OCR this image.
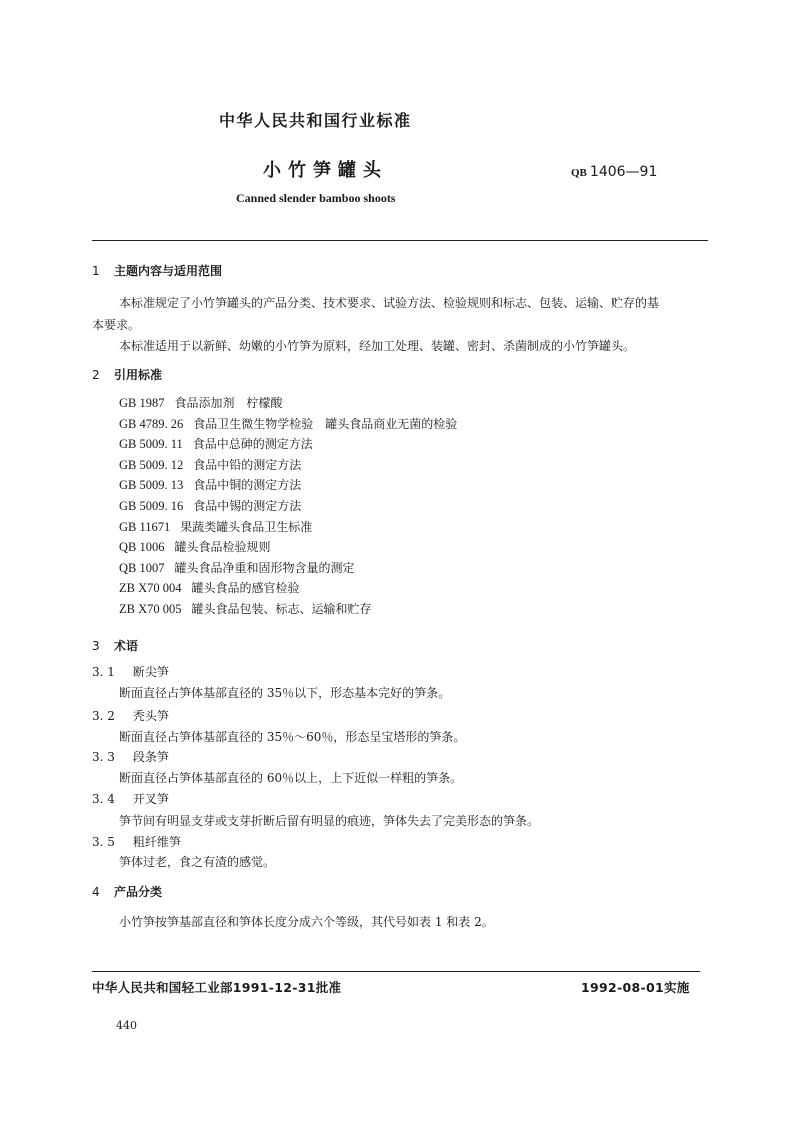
中华人民共和国行业标准
小竹笋罐头	QB 1406—91
Canned slender bamboo shoots
1 主题内容与适用范围
本标准规定了小竹笋罐头的产品分类、技术要求、试验方法、检验规则和标志、包装、运输、贮存的基
本要求。
本标准适用于以新鲜、幼嫩的小竹笋为原料，经加工处理、装罐、密封、杀菌制成的小竹笋罐头。
2 引用标准
GB 1987 食品添加剂　柠檬酸
GB 4789. 26 食品卫生微生物学检验　罐头食品商业无菌的检验
GB 5009. 11 食品中总砷的测定方法
GB 5009. 12 食品中铅的测定方法
GB 5009. 13 食品中铜的测定方法
GB 5009. 16 食品中锡的测定方法
GB 11671 果蔬类罐头食品卫生标准
QB 1006 罐头食品检验规则
QB 1007 罐头食品净重和固形物含量的测定
ZB X70 004 罐头食品的感官检验
ZB X70 005 罐头食品包装、标志、运输和贮存
3 术语
3. 1 断尖笋
断面直径占笋体基部直径的 35％以下，形态基本完好的笋条。
3. 2 秃头笋
断面直径占笋体基部直径的 35％～60％，形态呈宝塔形的笋条。
3. 3 段条笋
断面直径占笋体基部直径的 60％以上，上下近似一样粗的笋条。
3. 4 开叉笋
笋节间有明显支芽或支芽折断后留有明显的痕迹，笋体失去了完美形态的笋条。
3. 5 粗纤维笋
笋体过老，食之有渣的感觉。
4 产品分类
小竹笋按笋基部直径和笋体长度分成六个等级，其代号如表 1 和表 2。
中华人民共和国轻工业部1991-12-31批准	1992-08-01实施
440
